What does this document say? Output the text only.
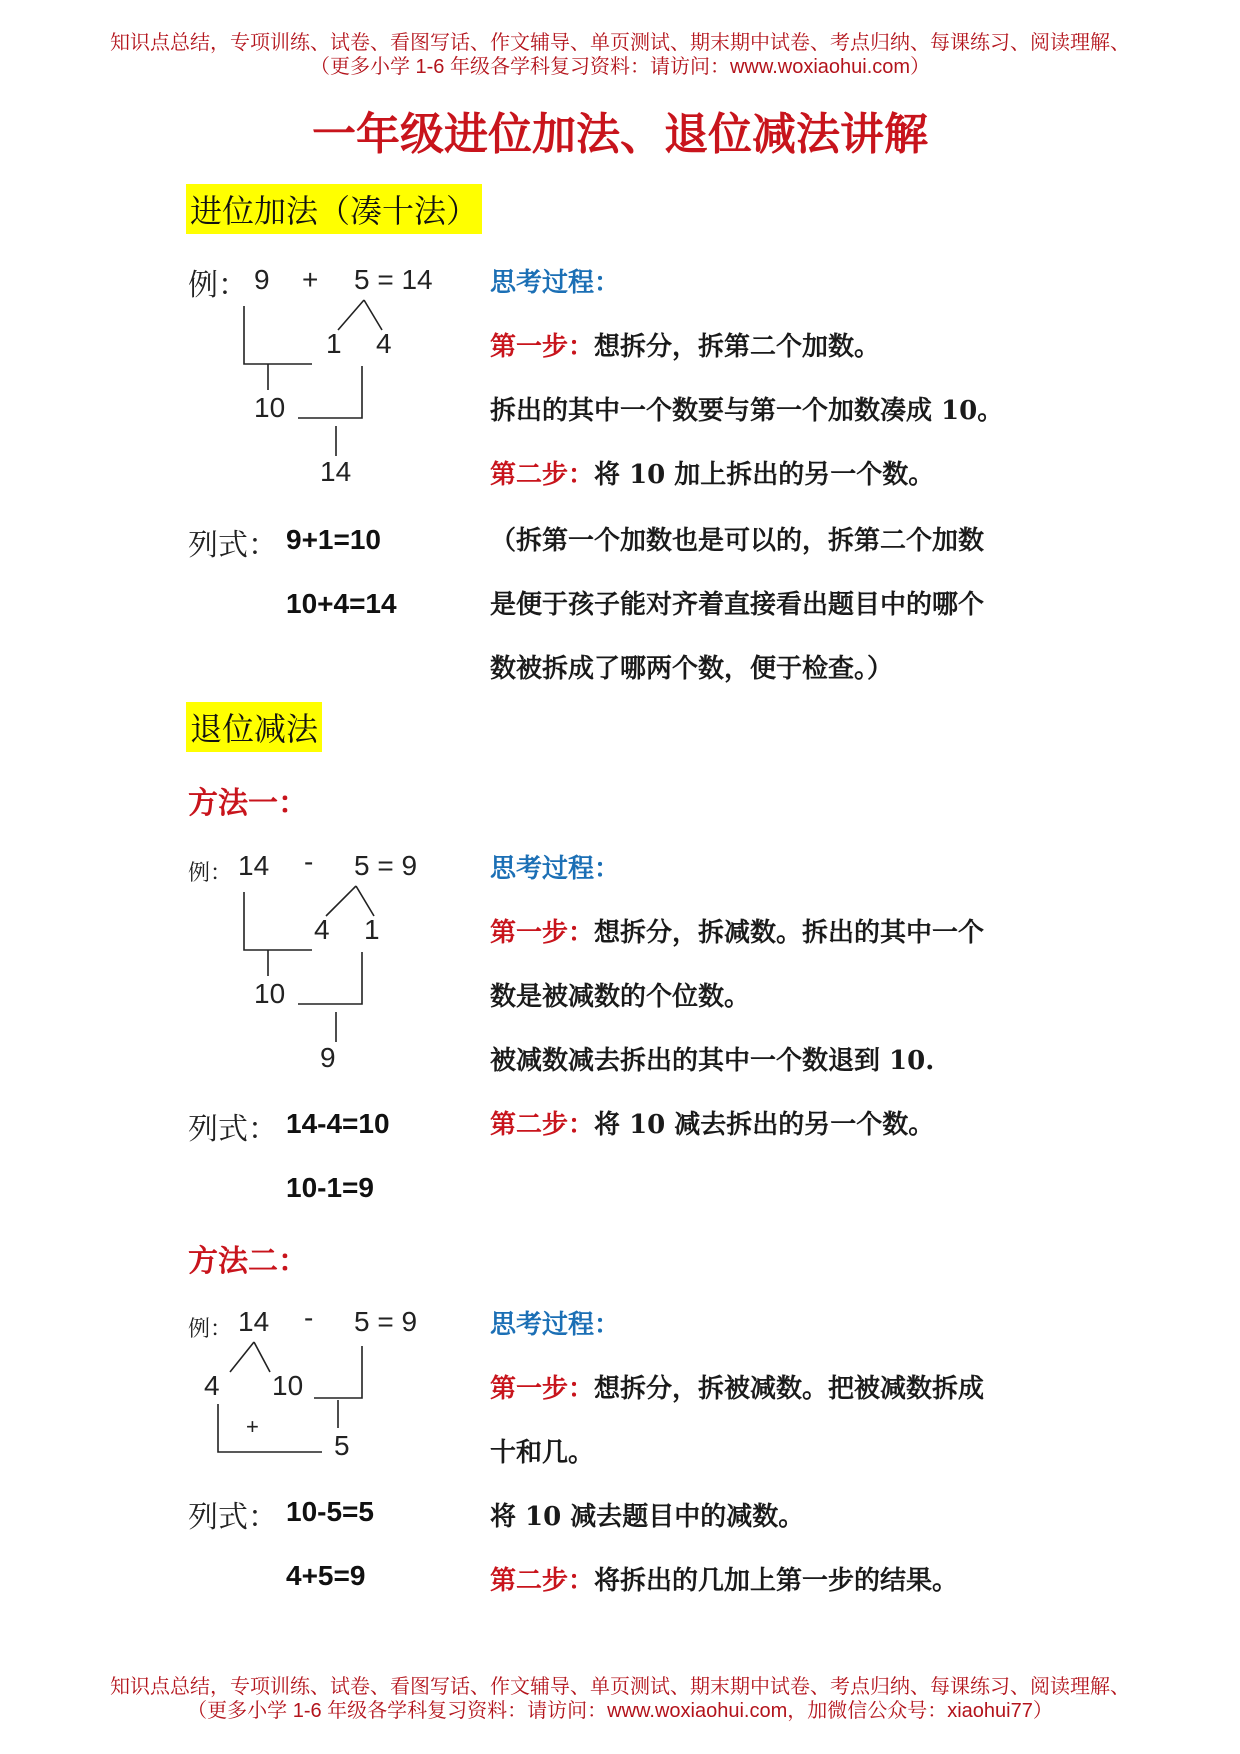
知识点总结，专项训练、试卷、看图写话、作文辅导、单页测试、期末期中试卷、考点归纳、每课练习、阅读理解、
（更多小学 1-6 年级各学科复习资料：请访问：www.woxiaohui.com）
一年级进位加法、退位减法讲解
进位加法（凑十法）
例： 9 + 5 = 14
1 4
10
14
列式： 9+1=10
10+4=14
思考过程：
第一步：想拆分，拆第二个加数。
拆出的其中一个数要与第一个加数凑成 10。
第二步：将 10 加上拆出的另一个数。
（拆第一个加数也是可以的，拆第二个加数
是便于孩子能对齐着直接看出题目中的哪个
数被拆成了哪两个数，便于检查。）
退位减法
方法一：
例： 14 - 5 = 9
4 1
10
9
列式： 14-4=10
10-1=9
思考过程：
第一步：想拆分，拆减数。拆出的其中一个
数是被减数的个位数。
被减数减去拆出的其中一个数退到 10.
第二步：将 10 减去拆出的另一个数。
方法二：
例： 14 - 5 = 9
4 10
+
5
列式： 10-5=5
4+5=9
思考过程：
第一步：想拆分，拆被减数。把被减数拆成
十和几。
将 10 减去题目中的减数。
第二步：将拆出的几加上第一步的结果。
知识点总结，专项训练、试卷、看图写话、作文辅导、单页测试、期末期中试卷、考点归纳、每课练习、阅读理解、
（更多小学 1-6 年级各学科复习资料：请访问：www.woxiaohui.com，加微信公众号：xiaohui77）
